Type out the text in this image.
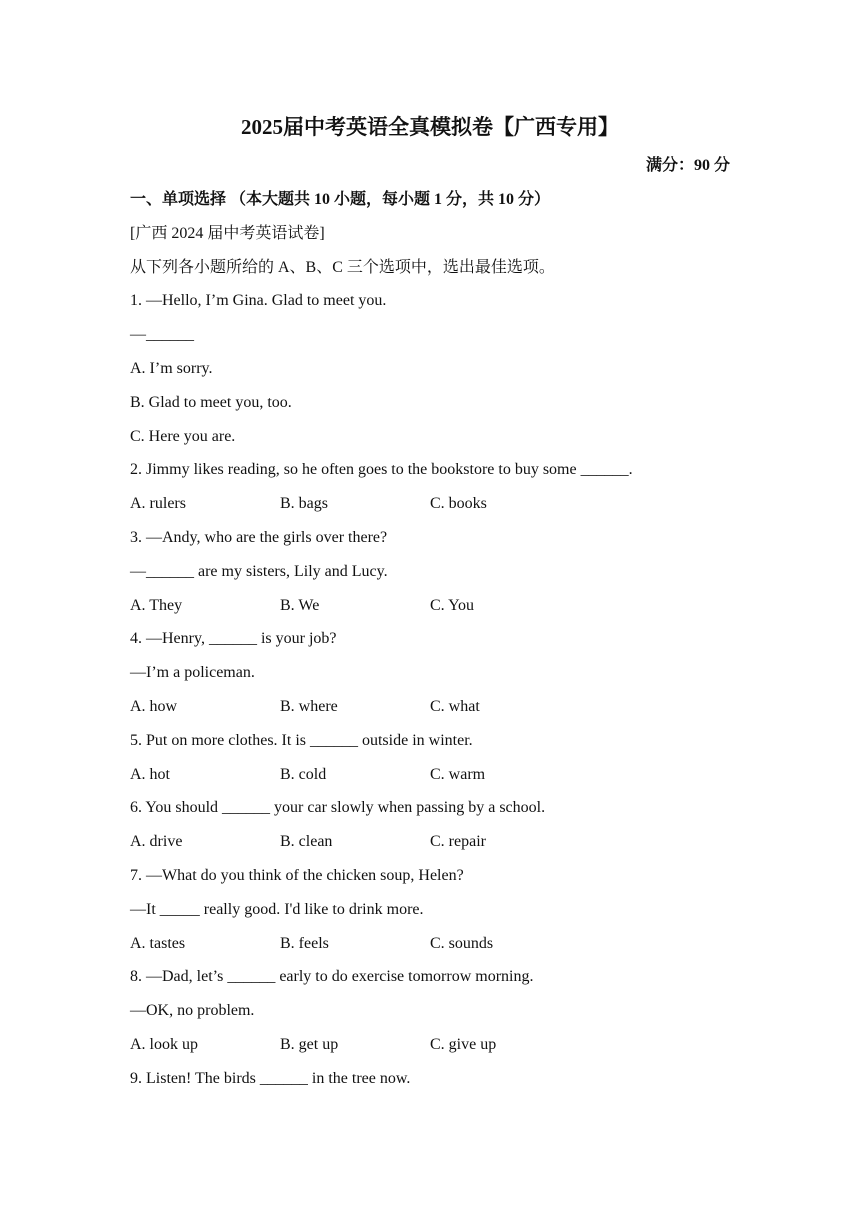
2025届中考英语全真模拟卷【广西专用】
满分：90 分
一、单项选择 （本大题共 10 小题，每小题 1 分，共 10 分）
[广西 2024 届中考英语试卷]
从下列各小题所给的 A、B、C 三个选项中，选出最佳选项。
1. —Hello, I’m Gina. Glad to meet you.
—______
A. I’m sorry.
B. Glad to meet you, too.
C. Here you are.
2. Jimmy likes reading, so he often goes to the bookstore to buy some ______.
A. rulers	B. bags	C. books
3. —Andy, who are the girls over there?
—______ are my sisters, Lily and Lucy.
A. They	B. We	C. You
4. —Henry, ______ is your job?
—I’m a policeman.
A. how	B. where	C. what
5. Put on more clothes. It is ______ outside in winter.
A. hot	B. cold	C. warm
6. You should ______ your car slowly when passing by a school.
A. drive	B. clean	C. repair
7. —What do you think of the chicken soup, Helen?
—It _____ really good. I'd like to drink more.
A. tastes	B. feels	C. sounds
8. —Dad, let’s ______ early to do exercise tomorrow morning.
—OK, no problem.
A. look up	B. get up	C. give up
9. Listen! The birds ______ in the tree now.
